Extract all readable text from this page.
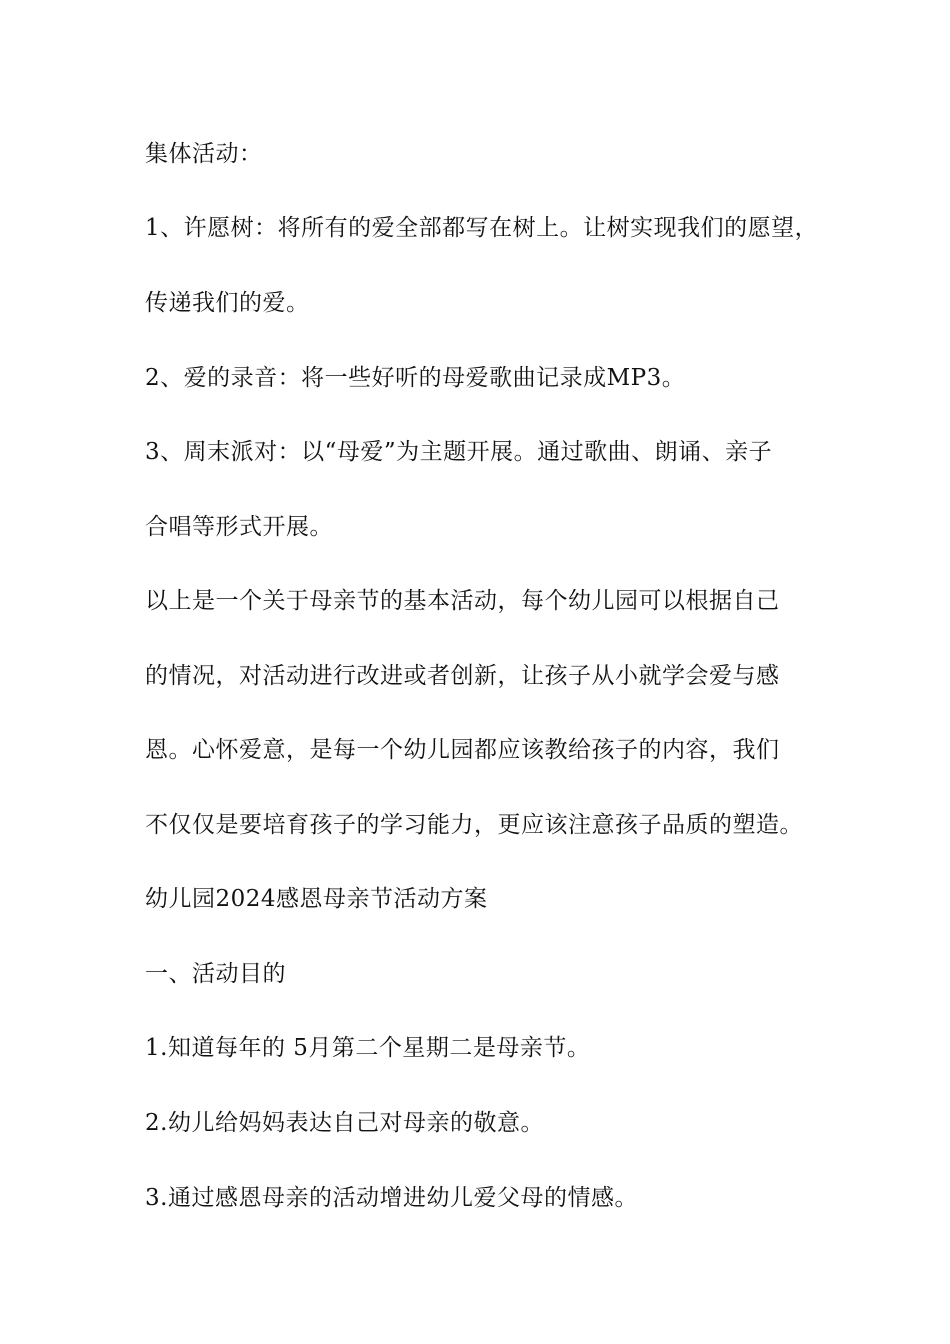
集体活动：
1、许愿树：将所有的爱全部都写在树上。让树实现我们的愿望，
传递我们的爱。
2、爱的录音：将一些好听的母爱歌曲记录成MP3。
3、周末派对：以“母爱”为主题开展。通过歌曲、朗诵、亲子
合唱等形式开展。
以上是一个关于母亲节的基本活动，每个幼儿园可以根据自己
的情况，对活动进行改进或者创新，让孩子从小就学会爱与感
恩。心怀爱意，是每一个幼儿园都应该教给孩子的内容，我们
不仅仅是要培育孩子的学习能力，更应该注意孩子品质的塑造。
幼儿园2024感恩母亲节活动方案
一、活动目的
1.知道每年的 5月第二个星期二是母亲节。
2.幼儿给妈妈表达自己对母亲的敬意。
3.通过感恩母亲的活动增进幼儿爱父母的情感。
